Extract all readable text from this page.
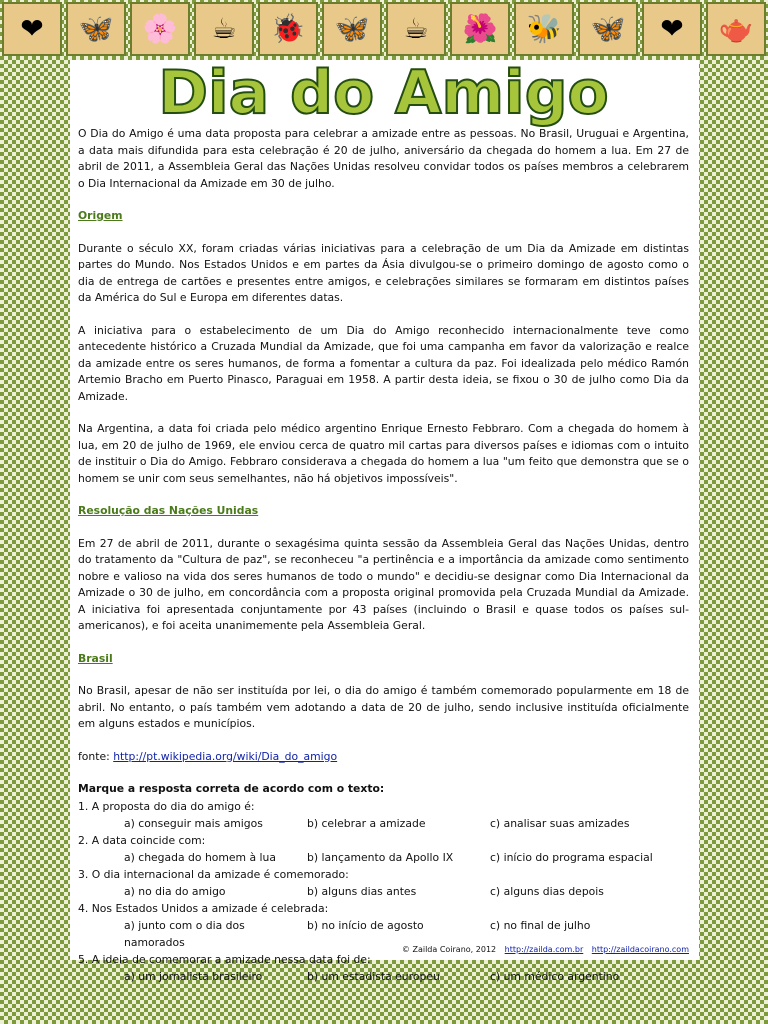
❤	🦋	🌸	☕	🐞	🦋	☕	🌺	🐝	🦋	❤	🫖
Dia do Amigo

O Dia do Amigo é uma data proposta para celebrar a amizade entre as pessoas. No Brasil, Uruguai e Argentina, a data mais difundida para esta celebração é 20 de julho, aniversário da chegada do homem a lua. Em 27 de abril de 2011, a Assembleia Geral das Nações Unidas resolveu convidar todos os países membros a celebrarem o Dia Internacional da Amizade em 30 de julho.

Origem

Durante o século XX, foram criadas várias iniciativas para a celebração de um Dia da Amizade em distintas partes do Mundo. Nos Estados Unidos e em partes da Ásia divulgou-se o primeiro domingo de agosto como o dia de entrega de cartões e presentes entre amigos, e celebrações similares se formaram em distintos países da América do Sul e Europa em diferentes datas.

A iniciativa para o estabelecimento de um Dia do Amigo reconhecido internacionalmente teve como antecedente histórico a Cruzada Mundial da Amizade, que foi uma campanha em favor da valorização e realce da amizade entre os seres humanos, de forma a fomentar a cultura da paz. Foi idealizada pelo médico Ramón Artemio Bracho em Puerto Pinasco, Paraguai em 1958. A partir desta ideia, se fixou o 30 de julho como Dia da Amizade.

Na Argentina, a data foi criada pelo médico argentino Enrique Ernesto Febbraro. Com a chegada do homem à lua, em 20 de julho de 1969, ele enviou cerca de quatro mil cartas para diversos países e idiomas com o intuito de instituir o Dia do Amigo. Febbraro considerava a chegada do homem a lua "um feito que demonstra que se o homem se unir com seus semelhantes, não há objetivos impossíveis".

Resolução das Nações Unidas

Em 27 de abril de 2011, durante o sexagésima quinta sessão da Assembleia Geral das Nações Unidas, dentro do tratamento da "Cultura de paz", se reconheceu "a pertinência e a importância da amizade como sentimento nobre e valioso na vida dos seres humanos de todo o mundo" e decidiu-se designar como Dia Internacional da Amizade o 30 de julho, em concordância com a proposta original promovida pela Cruzada Mundial da Amizade. A iniciativa foi apresentada conjuntamente por 43 países (incluindo o Brasil e quase todos os países sul-americanos), e foi aceita unanimemente pela Assembleia Geral.

Brasil

No Brasil, apesar de não ser instituída por lei, o dia do amigo é também comemorado popularmente em 18 de abril. No entanto, o país também vem adotando a data de 20 de julho, sendo inclusive instituída oficialmente em alguns estados e municípios.

fonte: http://pt.wikipedia.org/wiki/Dia_do_amigo

Marque a resposta correta de acordo com o texto:

1. A proposta do dia do amigo é:

a) conseguir mais amigos	b) celebrar a amizade	c) analisar suas amizades

2. A data coincide com:

a) chegada do homem à lua	b) lançamento da Apollo IX	c) início do programa espacial

3. O dia internacional da amizade é comemorado:

a) no dia do amigo	b) alguns dias antes	c) alguns dias depois

4. Nos Estados Unidos a amizade é celebrada:

a) junto com o dia dos namorados
b) no início de agosto	c) no final de julho

5. A ideia de comemorar a amizade nessa data foi de:

a) um jornalista brasileiro	b) um estadista europeu	c) um médico argentino
© Zailda Coirano, 2012 http://zailda.com.br http://zaildacoirano.com
